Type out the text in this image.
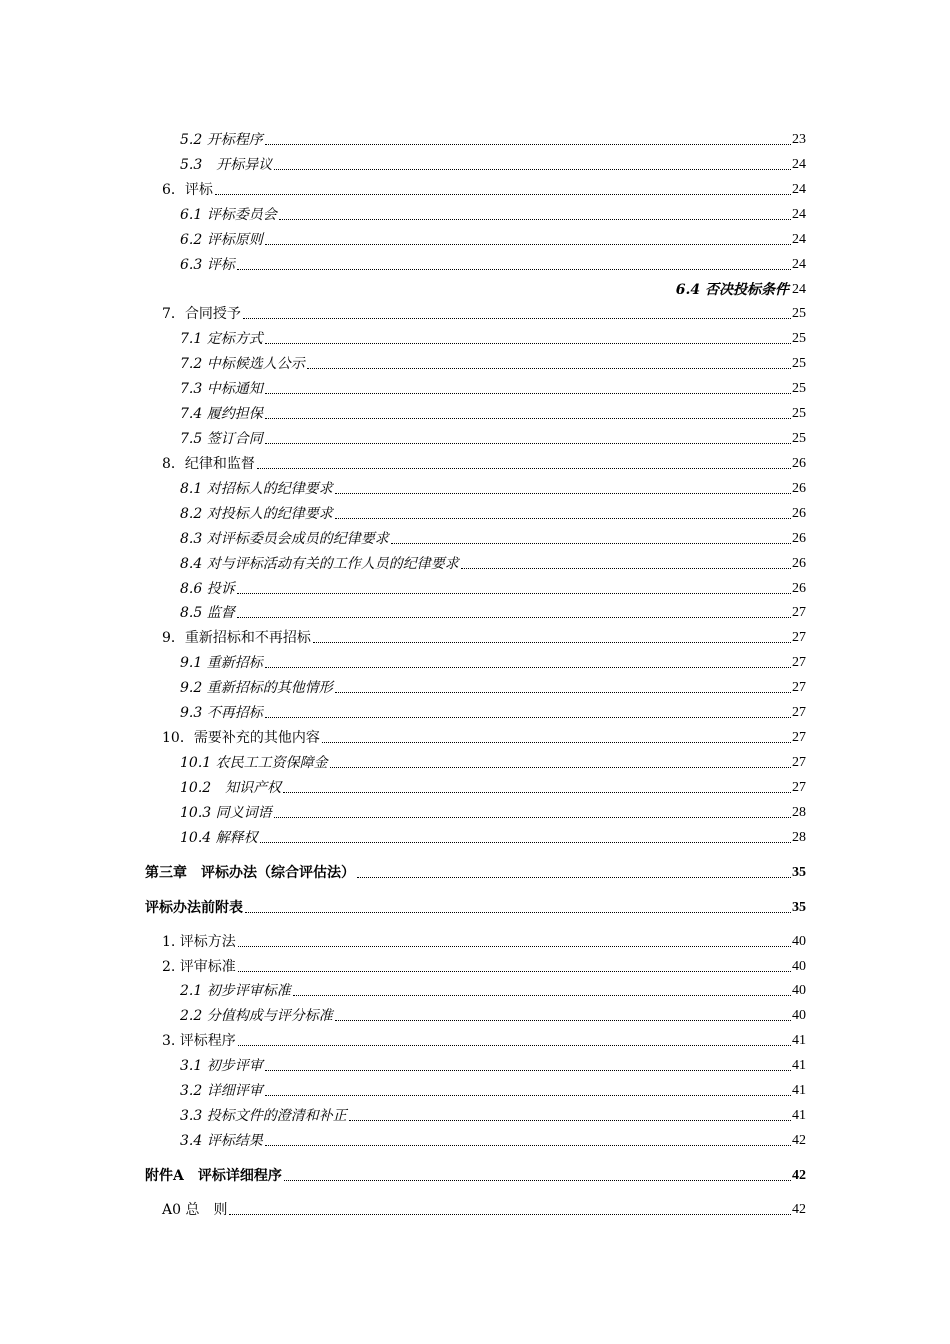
5.2 开标程序	23
5.3　开标异议	24
6．评标	24
6.1 评标委员会	24
6.2 评标原则	24
6.3 评标	24
6.4 否决投标条件 24
7．合同授予	25
7.1 定标方式	25
7.2 中标候选人公示	25
7.3 中标通知	25
7.4 履约担保	25
7.5 签订合同	25
8．纪律和监督	26
8.1 对招标人的纪律要求	26
8.2 对投标人的纪律要求	26
8.3 对评标委员会成员的纪律要求	26
8.4 对与评标活动有关的工作人员的纪律要求	26
8.6 投诉	26
8.5 监督	27
9．重新招标和不再招标	27
9.1 重新招标	27
9.2 重新招标的其他情形	27
9.3 不再招标	27
10．需要补充的其他内容	27
10.1 农民工工资保障金	27
10.2　知识产权	27
10.3 同义词语	28
10.4 解释权	28
第三章　评标办法（综合评估法）	35
评标办法前附表	35
1. 评标方法	40
2. 评审标准	40
2.1 初步评审标准	40
2.2 分值构成与评分标准	40
3. 评标程序	41
3.1 初步评审	41
3.2 详细评审	41
3.3 投标文件的澄清和补正	41
3.4 评标结果	42
附件A　评标详细程序	42
A0 总　则	42
